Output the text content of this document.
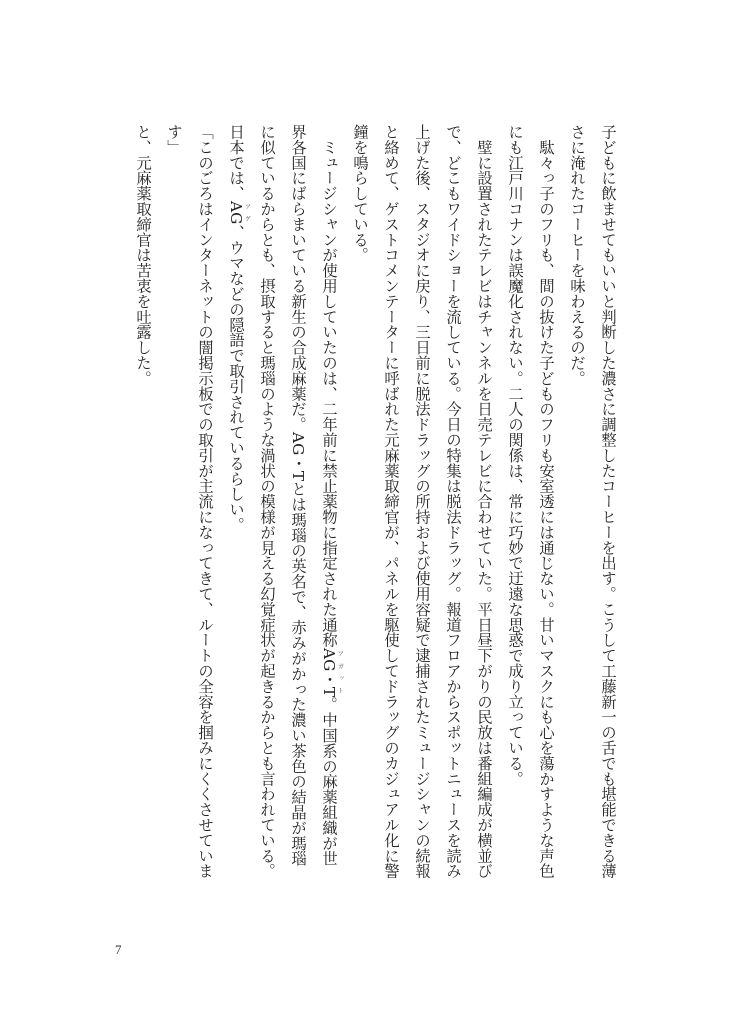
子どもに飲ませてもいいと判断した濃さに調整したコーヒーを出す。こうして工藤新一の舌でも堪能できる薄
さに淹れたコーヒーを味わえるのだ。
　駄々っ子のフリも、間の抜けた子どものフリも安室透には通じない。甘いマスクにも心を蕩かすような声色
にも江戸川コナンは誤魔化されない。二人の関係は、常に巧妙で迂遠な思惑で成り立っている。
　壁に設置されたテレビはチャンネルを日売テレビに合わせていた。平日昼下がりの民放は番組編成が横並び
で、どこもワイドショーを流している。今日の特集は脱法ドラッグ。報道フロアからスポットニュースを読み
上げた後、スタジオに戻り、三日前に脱法ドラッグの所持および使用容疑で逮捕されたミュージシャンの続報
と絡めて、ゲストコメンテーターに呼ばれた元麻薬取締官が、パネルを駆使してドラッグのカジュアル化に警
鐘を鳴らしている。
　ミュージシャンが使用していたのは、二年前に禁止薬物に指定された通称AG・Tアガット。中国系の麻薬組織が世
界各国にばらまいている新生の合成麻薬だ。AG・Tとは瑪瑙の英名で、赤みがかった濃い茶色の結晶が瑪瑙
に似ているからとも、摂取すると瑪瑙のような渦状の模様が見える幻覚症状が起きるからとも言われている。
日本では、AGアゲ、ウマなどの隠語で取引されているらしい。
「このごろはインターネットの闇掲示板での取引が主流になってきて、ルートの全容を掴みにくくさせていま
す」
と、元麻薬取締官は苦衷を吐露した。
7
